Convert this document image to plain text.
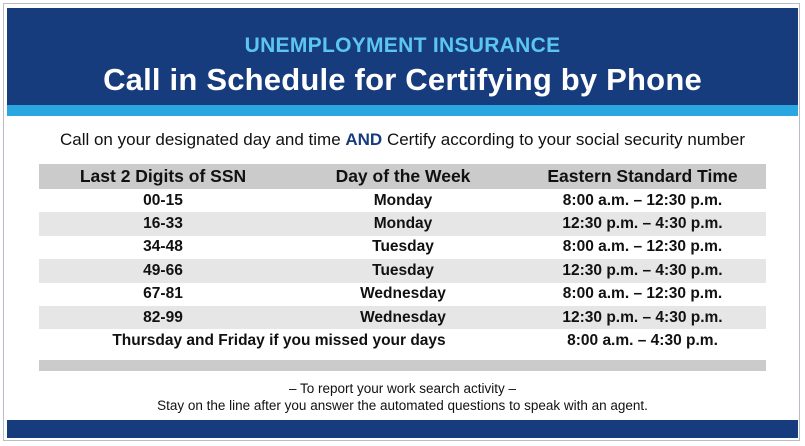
UNEMPLOYMENT INSURANCE
Call in Schedule for Certifying by Phone
Call on your designated day and time AND Certify according to your social security number
Last 2 Digits of SSN	Day of the Week	Eastern Standard Time
00-15	Monday	8:00 a.m. – 12:30 p.m.
16-33	Monday	12:30 p.m. – 4:30 p.m.
34-48	Tuesday	8:00 a.m. – 12:30 p.m.
49-66	Tuesday	12:30 p.m. – 4:30 p.m.
67-81	Wednesday	8:00 a.m. – 12:30 p.m.
82-99	Wednesday	12:30 p.m. – 4:30 p.m.
Thursday and Friday if you missed your days		8:00 a.m. – 4:30 p.m.
– To report your work search activity –
Stay on the line after you answer the automated questions to speak with an agent.
